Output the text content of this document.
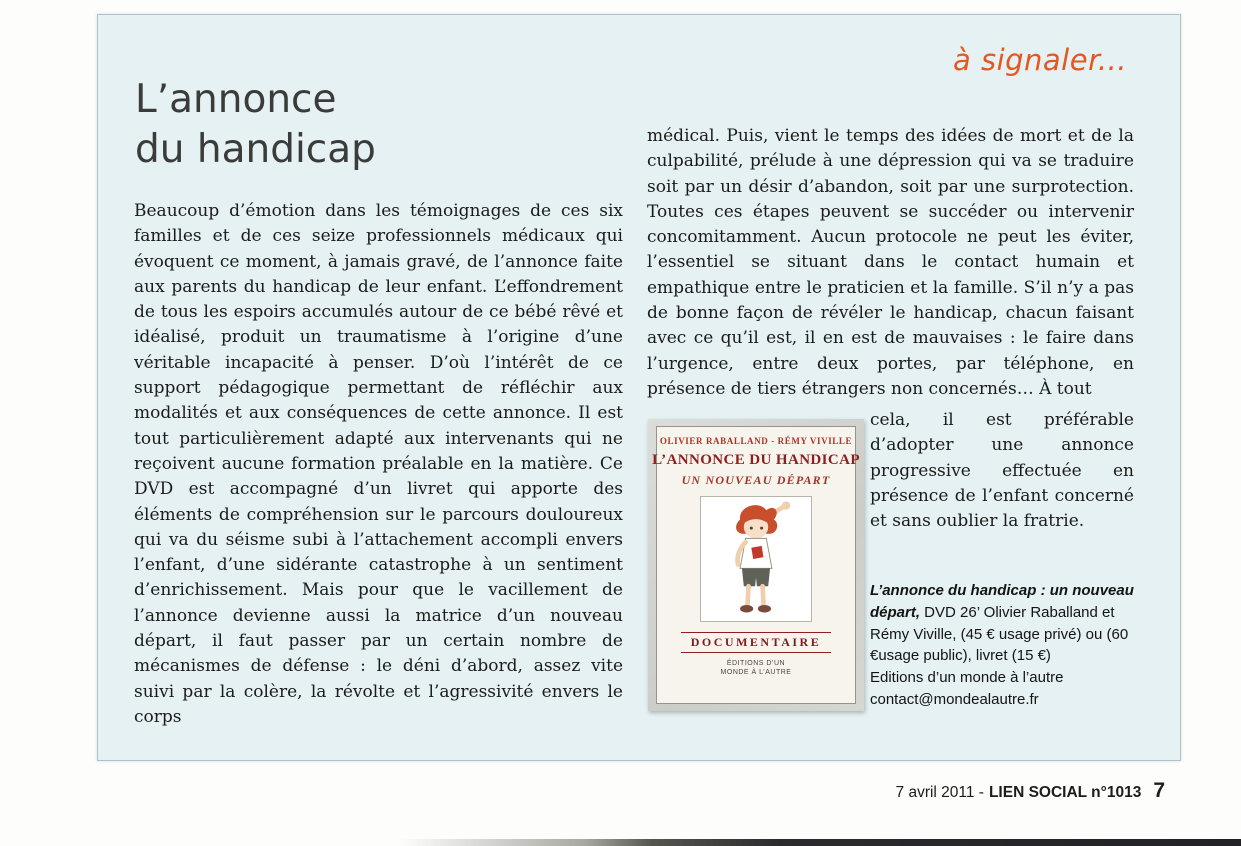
à signaler...
L’annonce
du handicap
Beaucoup d’émotion dans les témoignages de ces six familles et de ces seize professionnels médicaux qui évoquent ce moment, à jamais gravé, de l’annonce faite aux parents du handicap de leur enfant. L’effondrement de tous les espoirs accumulés autour de ce bébé rêvé et idéalisé, produit un traumatisme à l’origine d’une véritable incapacité à penser. D’où l’intérêt de ce support pédagogique permettant de réfléchir aux modalités et aux conséquences de cette annonce. Il est tout particulièrement adapté aux intervenants qui ne reçoivent aucune formation préalable en la matière. Ce DVD est accompagné d’un livret qui apporte des éléments de compréhension sur le parcours douloureux qui va du séisme subi à l’attachement accompli envers l’enfant, d’une sidérante catastrophe à un sentiment d’enrichissement. Mais pour que le vacillement de l’annonce devienne aussi la matrice d’un nouveau départ, il faut passer par un certain nombre de mécanismes de défense : le déni d’abord, assez vite suivi par la colère, la révolte et l’agressivité envers le corps
médical. Puis, vient le temps des idées de mort et de la culpabilité, prélude à une dépression qui va se traduire soit par un désir d’abandon, soit par une surprotection. Toutes ces étapes peuvent se succéder ou intervenir concomitamment. Aucun protocole ne peut les éviter, l’essentiel se situant dans le contact humain et empathique entre le praticien et la famille. S’il n’y a pas de bonne façon de révéler le handicap, chacun faisant avec ce qu’il est, il en est de mauvaises : le faire dans l’urgence, entre deux portes, par téléphone, en présence de tiers étrangers non concernés… À tout
OLIVIER RABALLAND - RÉMY VIVILLE
L’ANNONCE DU HANDICAP
UN NOUVEAU DÉPART
DOCUMENTAIRE
ÉDITIONS D’UN MONDE À L’AUTRE
cela, il est préférable d’adopter une annonce progressive effectuée en présence de l’enfant concerné et sans oublier la fratrie.
L’annonce du handicap : un nouveau départ, DVD 26’ Olivier Raballand et Rémy Viville, (45 € usage privé) ou (60 €usage public), livret (15 €)
Editions d’un monde à l’autre
contact@mondealautre.fr
7 avril 2011 - LIEN SOCIAL n°1013 7
